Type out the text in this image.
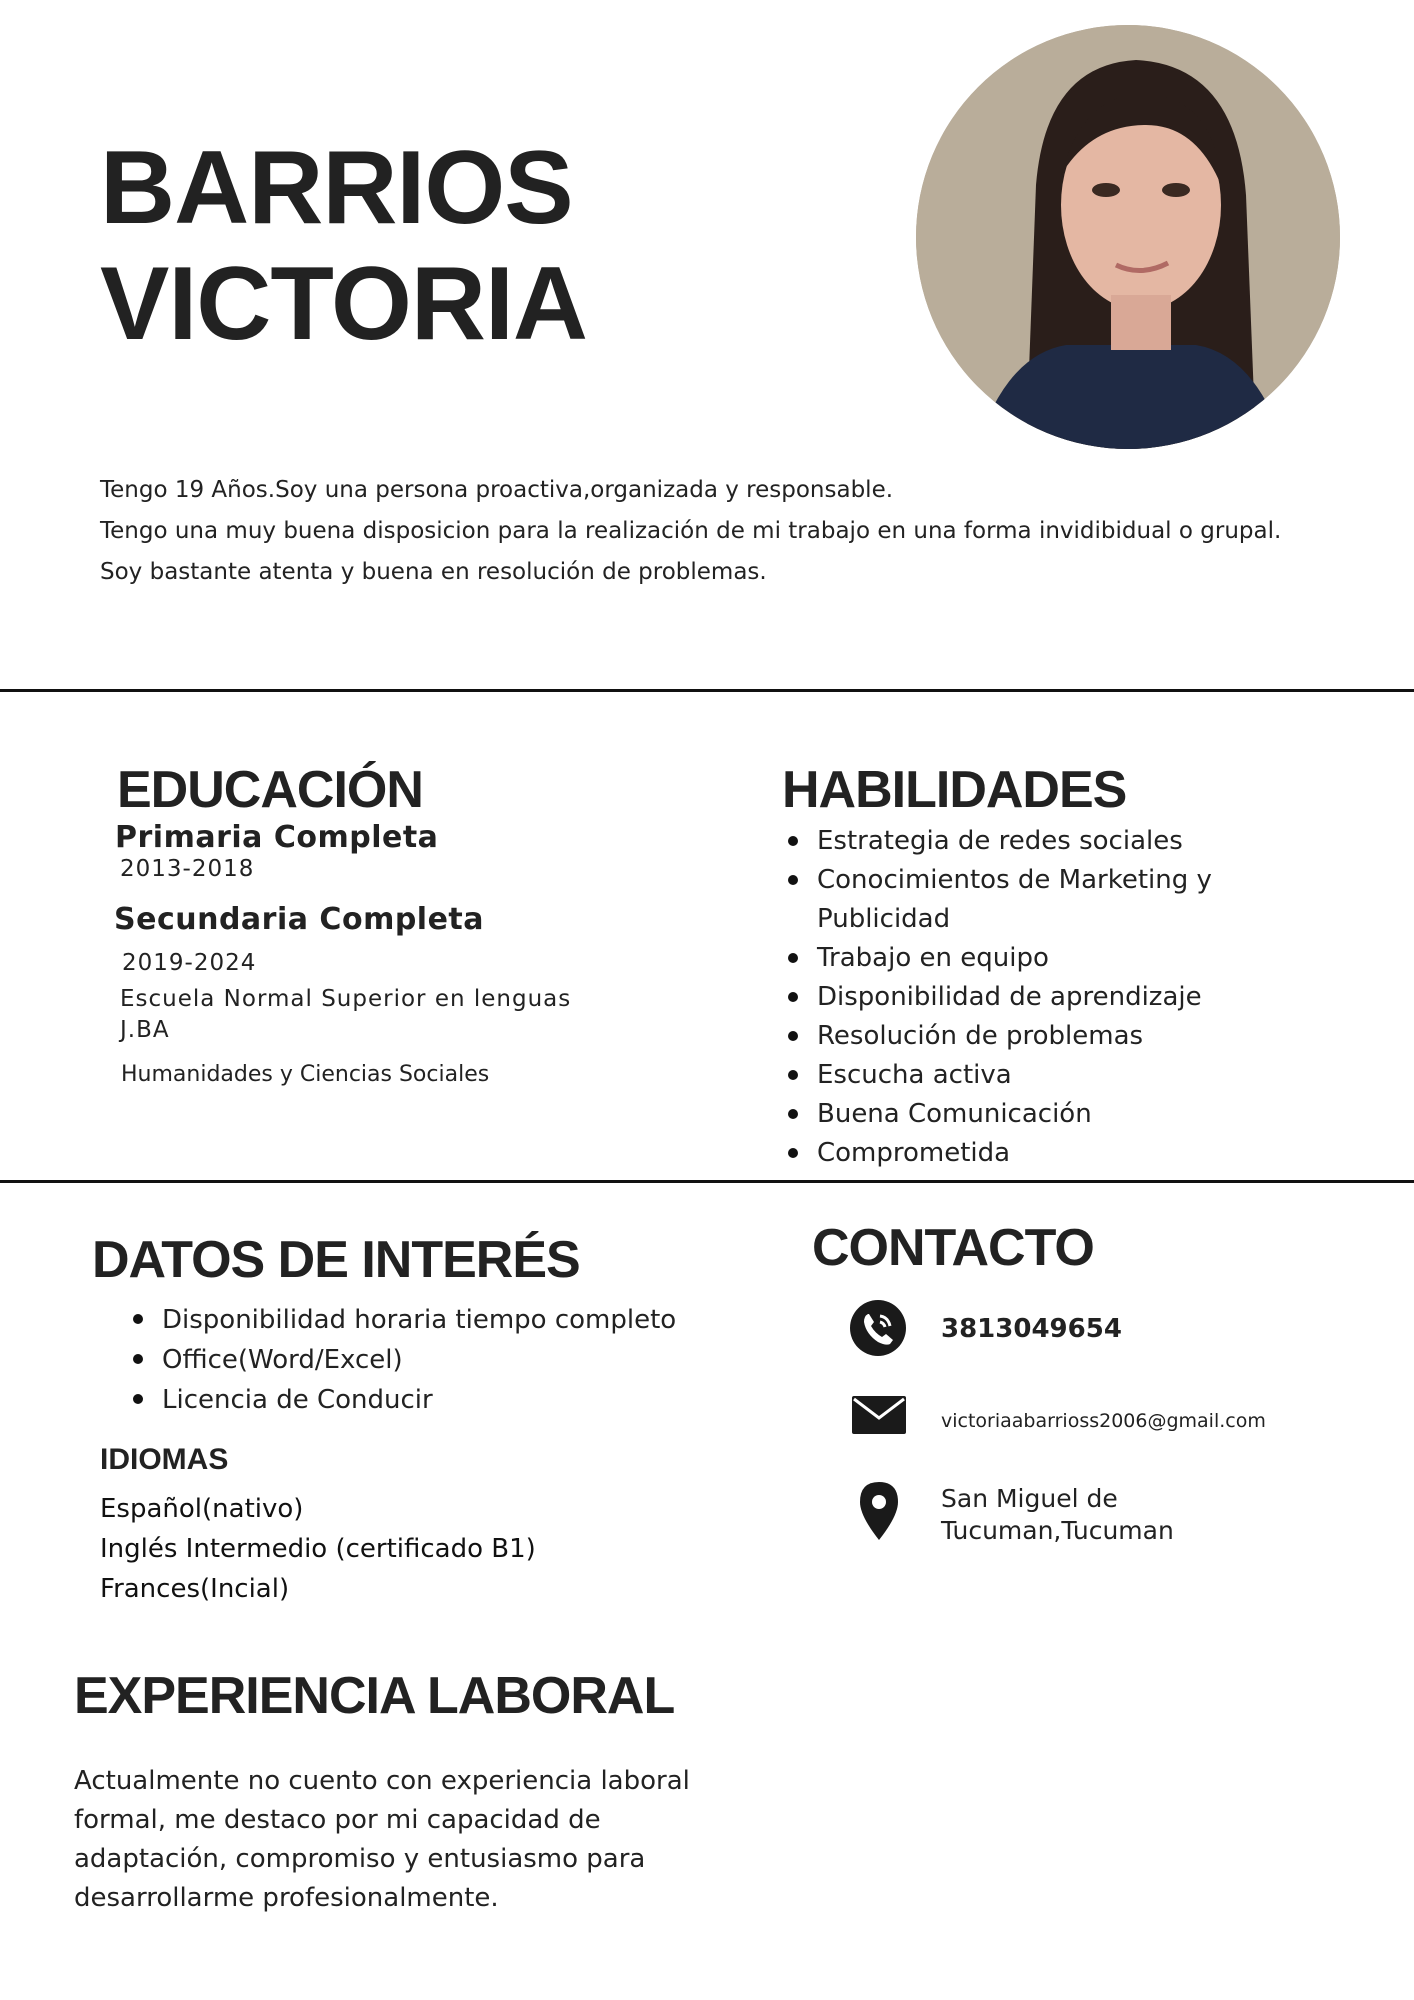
BARRIOS
VICTORIA
Tengo 19 Años.Soy una persona proactiva,organizada y responsable.
Tengo una muy buena disposicion para la realización de mi trabajo en una forma invidibidual o grupal.
Soy bastante atenta y buena en resolución de problemas.
EDUCACIÓN
Primaria Completa
2013-2018
Secundaria Completa
2019-2024
Escuela Normal Superior en lenguas
J.BA
Humanidades y Ciencias Sociales
HABILIDADES
Estrategia de redes sociales
Conocimientos de Marketing y Publicidad
Trabajo en equipo
Disponibilidad de aprendizaje
Resolución de problemas
Escucha activa
Buena Comunicación
Comprometida
DATOS DE INTERÉS
Disponibilidad horaria tiempo completo
Office(Word/Excel)
Licencia de Conducir
IDIOMAS
Español(nativo)
Inglés Intermedio (certificado B1)
Frances(Incial)
CONTACTO
3813049654
victoriaabarrioss2006@gmail.com
San Miguel de
Tucuman,Tucuman
EXPERIENCIA LABORAL
Actualmente no cuento con experiencia laboral
formal, me destaco por mi capacidad de
adaptación, compromiso y entusiasmo para
desarrollarme profesionalmente.
